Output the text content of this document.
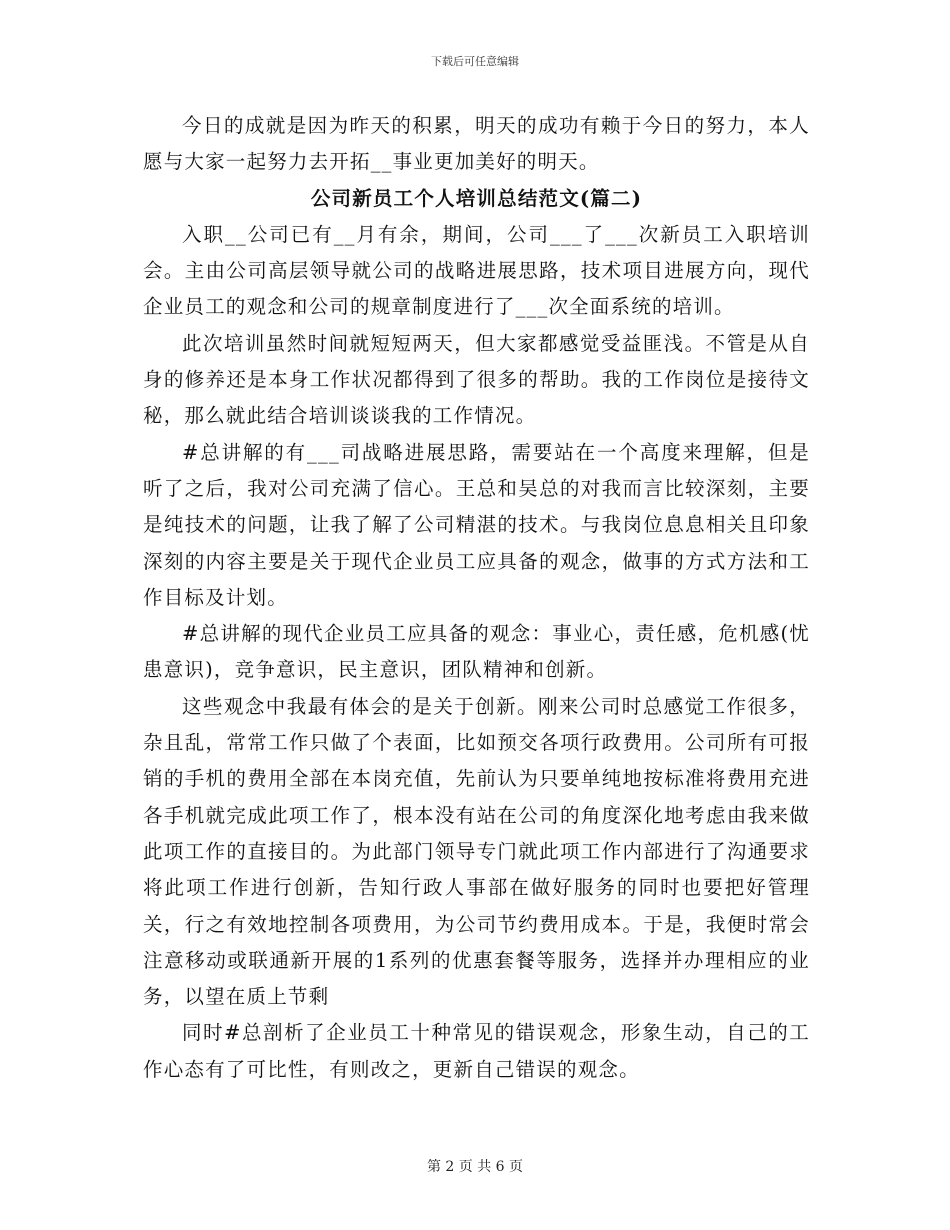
下载后可任意编辑

今日的成就是因为昨天的积累，明天的成功有赖于今日的努力，本人愿与大家一起努力去开拓__事业更加美好的明天。

公司新员工个人培训总结范文(篇二)

入职__公司已有__月有余，期间，公司___了___次新员工入职培训会。主由公司高层领导就公司的战略进展思路，技术项目进展方向，现代企业员工的观念和公司的规章制度进行了___次全面系统的培训。

此次培训虽然时间就短短两天，但大家都感觉受益匪浅。不管是从自身的修养还是本身工作状况都得到了很多的帮助。我的工作岗位是接待文秘，那么就此结合培训谈谈我的工作情况。

#总讲解的有___司战略进展思路，需要站在一个高度来理解，但是听了之后，我对公司充满了信心。王总和吴总的对我而言比较深刻，主要是纯技术的问题，让我了解了公司精湛的技术。与我岗位息息相关且印象深刻的内容主要是关于现代企业员工应具备的观念，做事的方式方法和工作目标及计划。

#总讲解的现代企业员工应具备的观念：事业心，责任感，危机感(忧患意识)，竞争意识，民主意识，团队精神和创新。

这些观念中我最有体会的是关于创新。刚来公司时总感觉工作很多，杂且乱，常常工作只做了个表面，比如预交各项行政费用。公司所有可报销的手机的费用全部在本岗充值，先前认为只要单纯地按标准将费用充进各手机就完成此项工作了，根本没有站在公司的角度深化地考虑由我来做此项工作的直接目的。为此部门领导专门就此项工作内部进行了沟通要求将此项工作进行创新，告知行政人事部在做好服务的同时也要把好管理关，行之有效地控制各项费用，为公司节约费用成本。于是，我便时常会注意移动或联通新开展的1系列的优惠套餐等服务，选择并办理相应的业务，以望在质上节剩

同时#总剖析了企业员工十种常见的错误观念，形象生动，自己的工作心态有了可比性，有则改之，更新自己错误的观念。

第 2 页 共 6 页
